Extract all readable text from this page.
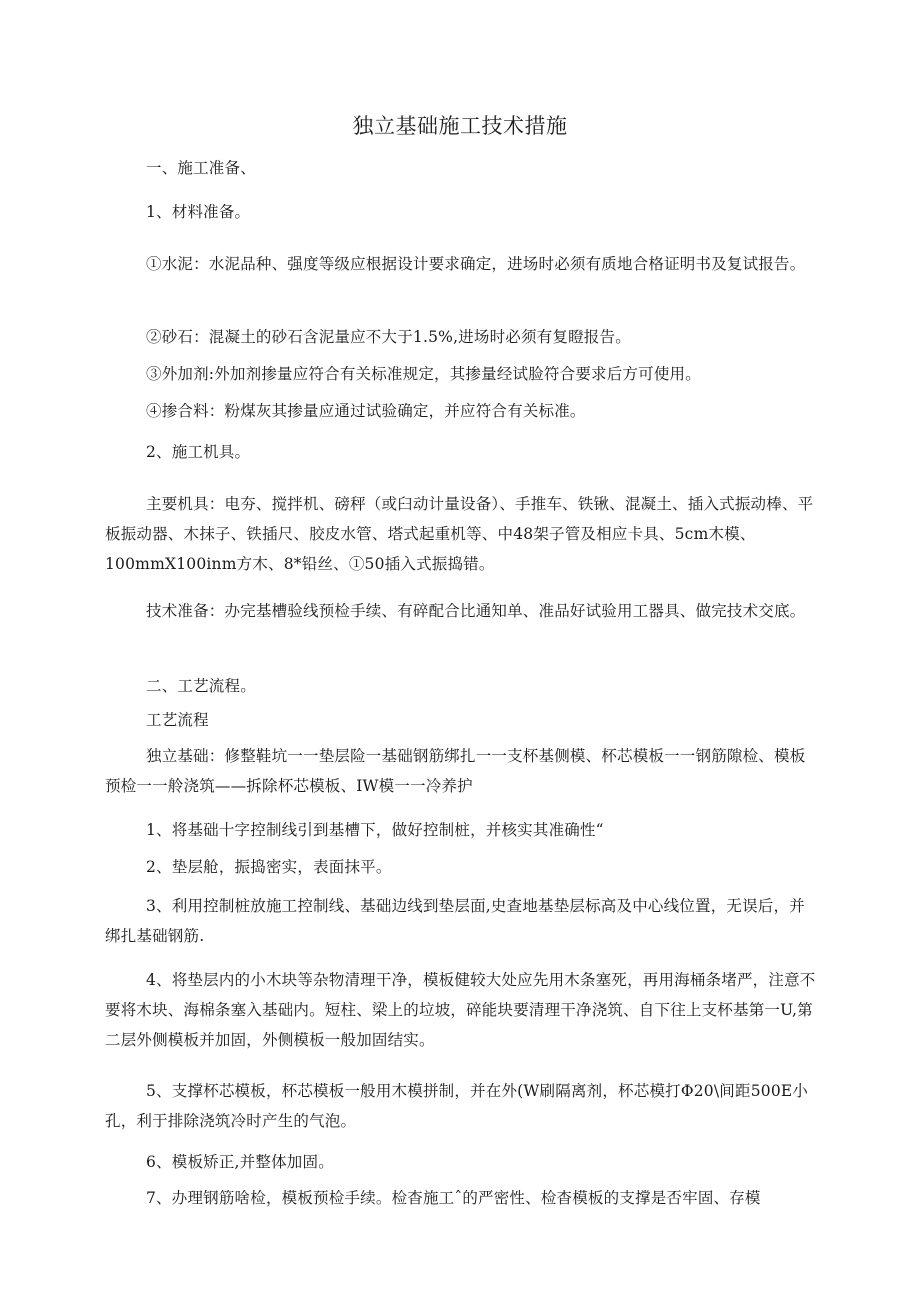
独立基础施工技术措施
一、施工准备、
1、材料准备。
①水泥：水泥品种、强度等级应根据设计要求确定，进场时必须有质地合格证明书及复试报告。
②砂石：混凝土的砂石含泥量应不大于1.5%,进场时必须有复瞪报告。
③外加剂:外加剂掺量应符合有关标准规定，其掺量经试脸符合要求后方可使用。
④掺合料：粉煤灰其掺量应通过试验确定，并应符合有关标准。
2、施工机具。
主要机具：电夯、搅拌机、磅秤（或臼动计量设备）、手推车、铁锹、混凝土、插入式振动棒、平板振动器、木抹子、铁插尺、胶皮水管、塔式起重机等、中48架子管及相应卡具、5cm木模、100mmX100inm方木、8*铅丝、①50插入式振捣错。
技术准备：办完基槽验线预检手续、有碎配合比通知单、准品好试验用工器具、做完技术交底。
二、工艺流程。
工艺流程
独立基础：修整鞋坑一一垫层险一基础钢筋绑扎一一支杯基侧模、杯芯模板一一钢筋隙检、模板预检一一舲浇筑——拆除杯芯模板、IW模一一冷养护
1、将基础十字控制线引到基槽下，做好控制桩，并核实其准确性“
2、垫层舱，振捣密实，表面抹平。
3、利用控制桩放施工控制线、基础边线到垫层面,史查地基垫层标高及中心线位置，无误后，并绑扎基础钢筋.
4、将垫层内的小木块等杂物清理干净，模板健较大处应先用木条塞死，再用海桶条堵严，注意不要将木块、海棉条塞入基础内。短柱、梁上的垃坡，碎能块要清理干净浇筑、自下往上支杯基第一U,第二层外侧模板并加固，外侧模板一般加固结实。
5、支撑杯芯模板，杯芯模板一般用木模拼制，并在外(W刷隔离剂，杯芯模打Φ20\间距500E小孔，利于排除浇筑冷时产生的气泡。
6、模板矫正,并整体加固。
7、办理钢筋啥检，模板预检手续。检杳施工ˆ的严密性、检杳模板的支撑是否牢固、存模
